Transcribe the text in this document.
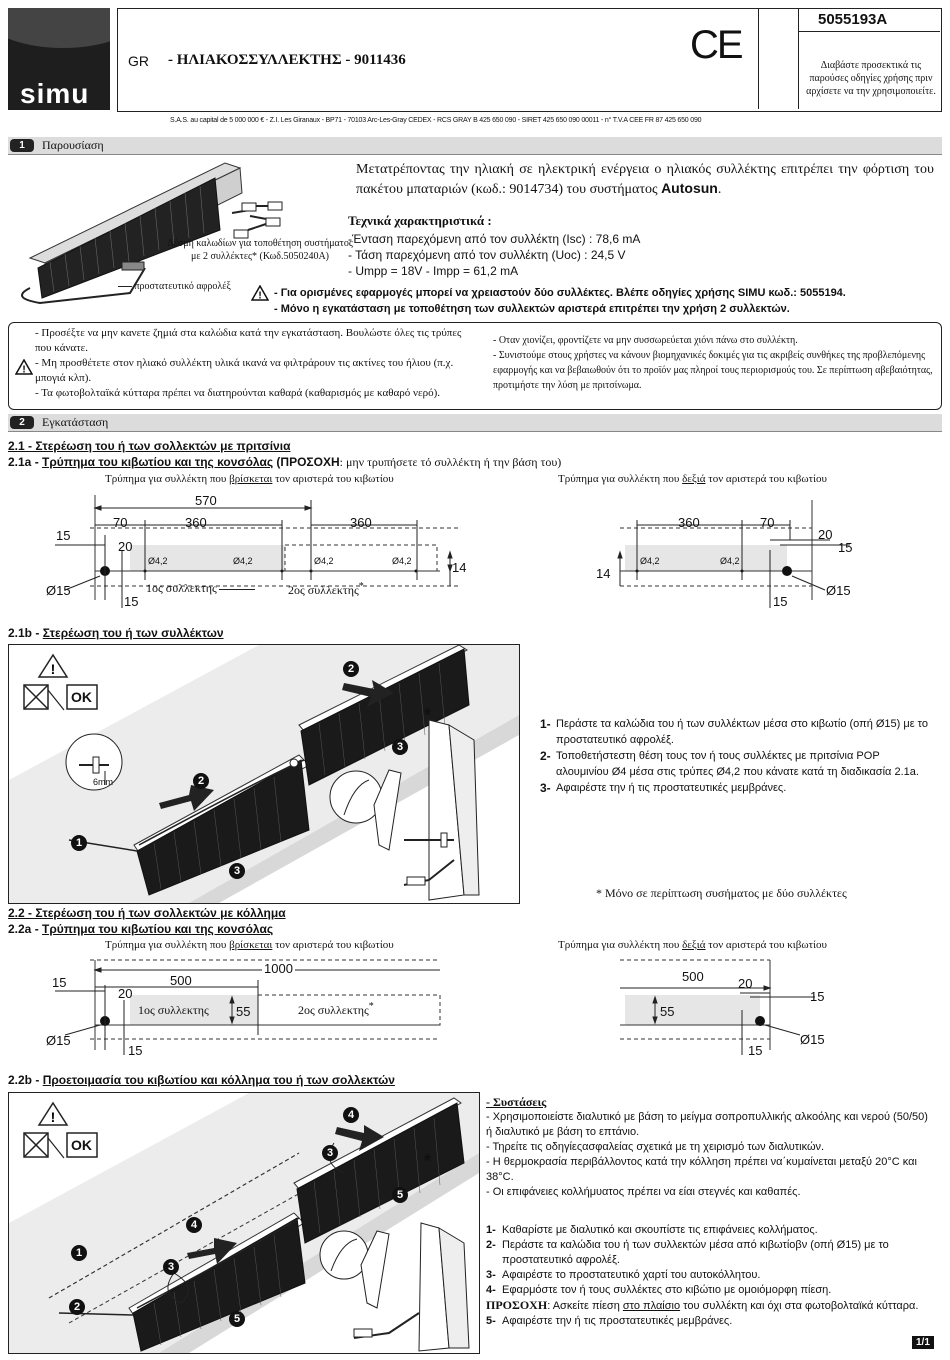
simu
GR - ΗΛΙΑΚΟΣΣΥΛΛΕΚΤΗΣ - 9011436	CE
5055193A
Διαβάστε προσεκτικά τις παρούσες οδηγίες χρήσης πριν αρχίσετε να την χρησιμοποιείτε.
S.A.S. au capital de 5 000 000 € - Z.I. Les Giranaux - BP71 - 70103 Arc-Les-Gray CEDEX - RCS GRAY B 425 650 090 - SIRET 425 650 090 00011 - n° T.V.A CEE FR 87 425 650 090
1	Παρουσίαση
Δέσμη καλωδίων για τοποθέτηση συστήματος με 2 συλλέκτες* (Κωδ.5050240A)
προστατευτικό αφρολέξ
Μετατρέποντας την ηλιακή σε ηλεκτρική ενέργεια ο ηλιακός συλλέκτης επιτρέπει την φόρτιση του πακέτου μπαταριών (κωδ.: 9014734) του συστήματος Autosun.
Τεχνικά χαρακτηριστικά :
-Ένταση παρεχόμενη από τον συλλέκτη (Isc) : 78,6 mA
- Τάση παρεχόμενη από τον συλλέκτη (Uoc) : 24,5 V
- Umpp = 18V - Impp = 61,2 mA
! - Για ορισμένες εφαρμογές μπορεί να χρειαστούν δύο συλλέκτες. Βλέπε οδηγίες χρήσης SIMU κωδ.: 5055194.
- Μόνο η εγκατάσταση με τοποθέτηση των συλλεκτών αριστερά επιτρέπει την χρήση 2 συλλεκτών.
!
- Προσέξτε να μην κανετε ζημιά στα καλώδια κατά την εγκατάσταση. Βουλώστε όλες τις τρύπες που κάνατε.
- Μη προσθέτετε στον ηλιακό συλλέκτη υλικά ικανά να φιλτράρουν τις ακτίνες του ήλιου (π.χ. μπογιά κλπ).
- Τα φωτοβολταϊκά κύτταρα πρέπει να διατηρούνται καθαρά (καθαρισμός με καθαρό νερό).
- Οταν χιονίζει, φροντίζετε να μην συσσωρεύεται χιόνι πάνω στο συλλέκτη.
- Συνιστούμε στους χρήστες να κάνουν βιομηχανικές δοκιμές για τις ακριβείς συνθήκες της προβλεπόμενης εφαρμογής και να βεβαιωθούν ότι το προϊόν μας πληροί τους περιορισμούς του. Σε περίπτωση αβεβαιότητας, προτιμήστε την λύση με πριτσίνωμα.
2	Εγκατάσταση
2.1 - Στερέωση του ή των σολλεκτών με πριτσίνια
2.1a - Τρύπημα του κιβωτίου και της κονσόλας (ΠΡΟΣΟΧΗ: μην τρυπήσετε τό συλλέκτη ή την βάση του)
Τρύπημα για συλλέκτη που βρίσκεται τον αριστερά του κιβωτίου	Τρύπημα για συλλέκτη που δεξιά τον αριστερά του κιβωτίου
570
70	360	360
15
20
14
Ø4,2	Ø4,2	Ø4,2	Ø4,2
Ø15
15
1ος συλλεκτης	2ος συλλεκτης*
360	70
20
15
14
Ø4,2	Ø4,2
Ø15
15
2.1b - Στερέωση του ή των συλλέκτων
!
OK
6mm
2
3
2
1
3
*	1- Περάστε τα καλώδια του ή των συλλέκτων μέσα στο κιβωτίο (οπή Ø15) με το προστατευτικό αφρολέξ.
2- Τοποθετήστεστη θέση τους τον ή τους συλλέκτες με πριτσίνια POP αλουμινίου Ø4 μέσα στις τρύπες Ø4,2 που κάνατε κατά τη διαδικασία 2.1a.
3- Αφαιρέστε την ή τις προστατευτικές μεμβράνες.
* Μόνο σε περίπτωση συσήματος με δύο συλλέκτες
2.2 - Στερέωση του ή των σολλεκτών με κόλλημα
2.2a - Τρύπημα του κιβωτίου και της κονσόλας
Τρύπημα για συλλέκτη που βρίσκεται τον αριστερά του κιβωτίου	Τρύπημα για συλλέκτη που δεξιά τον αριστερά του κιβωτίου
1000
500
15
20
55
1ος συλλεκτης	2ος συλλεκτης*
Ø15
15
500	20
15
55
Ø15
15
2.2b - Προετοιμασία του κιβωτίου και κόλλημα του ή των σολλεκτών
!
OK
4
3
5
4
1
3
2
5
*
- Συστάσεις
- Χρησιμοποιείστε διαλυτικό με βάση το μείγμα σοπροπυλλικής αλκοόλης και νερού (50/50) ή διαλυτικό με βάση το επτάνιο.
- Τηρείτε τις οδηγίεςασφαλείας σχετικά με τη χειρισμό των διαλυτικών.
- Η θερμοκρασία περιβάλλοντος κατά την κόλληση πρέπει να΄κυμαίνεται μεταξύ 20°C και 38°C.
- Οι επιφάνειες κολλήμυατος πρέπει να είαι στεγνές και καθαπές.
1- Καθαρίστε με διαλυτικό και σκουπίστε τις επιφάνειες κολλήματος.
2- Περάστε τα καλώδια του ή των συλλεκτών μέσα από κιβωτίοβν (οπή Ø15) με το προστατευτικό αφρολέξ.
3- Αφαιρέστε το προστατευτικό χαρτί του αυτοκόλλητου.
4- Εφαρμόστε τον ή τους συλλέκτες στο κιβώτιο με ομοιόμορφη πίεση.
ΠΡΟΣΟΧΗ: Ασκείτε πίεση στο πλαίσιο του συλλέκτη και όχι στα φωτοβολταϊκά κύτταρα.
5- Αφαιρέστε την ή τις προστατευτικές μεμβράνες.
1/1
